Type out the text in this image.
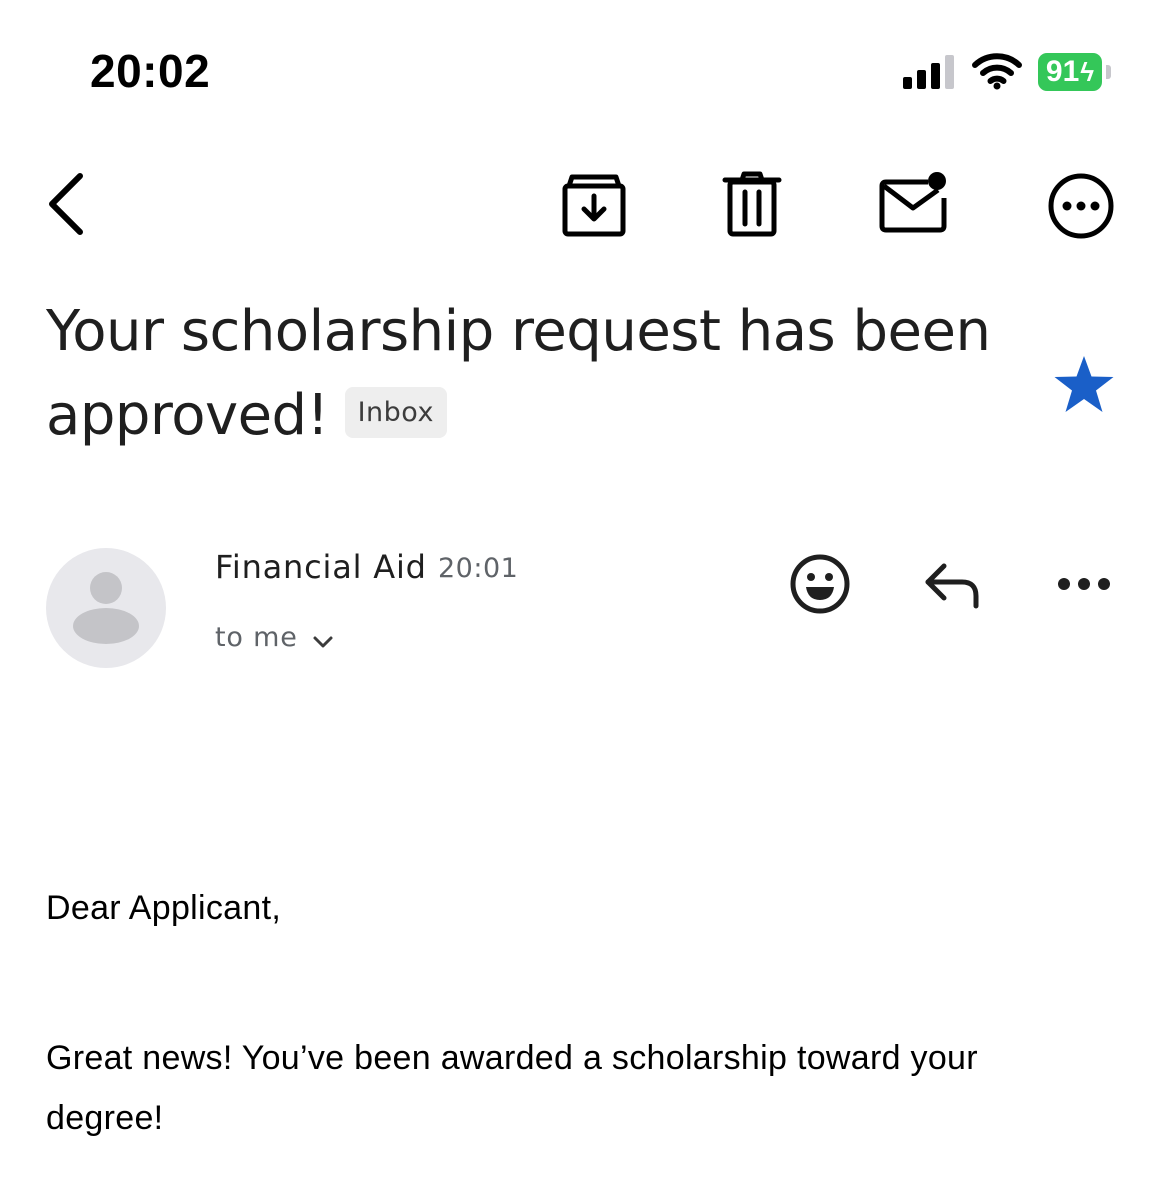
20:02	91 ϟ
Your scholarship request has been approved! Inbox
Financial Aid 20:01
to me
Dear Applicant,
Great news! You’ve been awarded a scholarship toward your degree!
